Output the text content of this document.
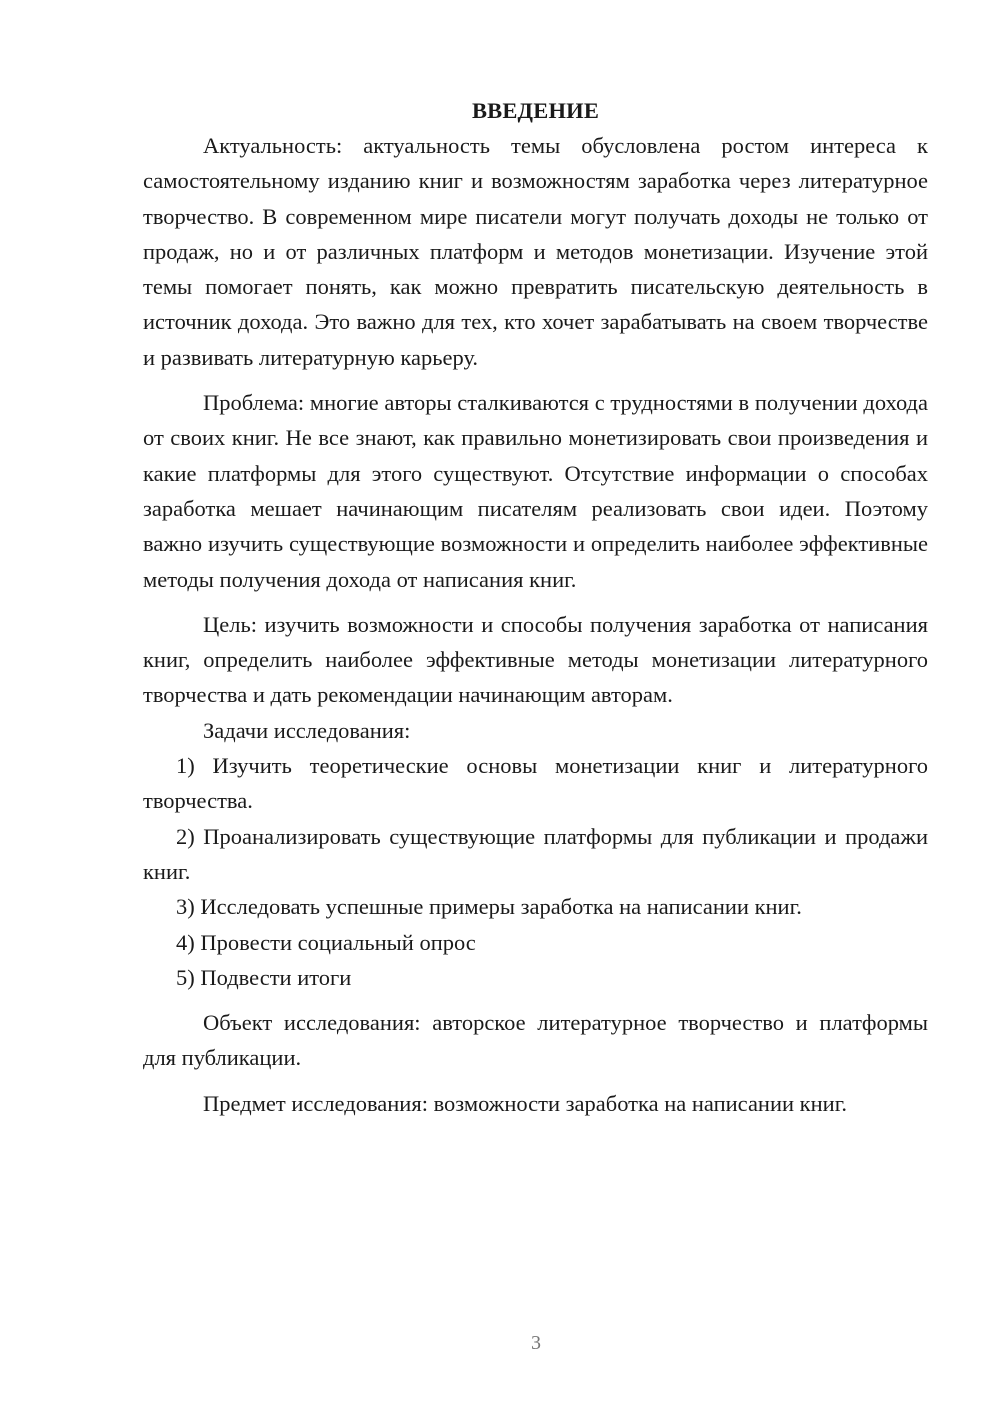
ВВЕДЕНИЕ

Актуальность: актуальность темы обусловлена ростом интереса к самостоятельному изданию книг и возможностям заработка через литературное творчество. В современном мире писатели могут получать доходы не только от продаж, но и от различных платформ и методов монетизации. Изучение этой темы помогает понять, как можно превратить писательскую деятельность в источник дохода. Это важно для тех, кто хочет зарабатывать на своем творчестве и развивать литературную карьеру.

Проблема: многие авторы сталкиваются с трудностями в получении дохода от своих книг. Не все знают, как правильно монетизировать свои произведения и какие платформы для этого существуют. Отсутствие информации о способах заработка мешает начинающим писателям реализовать свои идеи. Поэтому важно изучить существующие возможности и определить наиболее эффективные методы получения дохода от написания книг.

Цель: изучить возможности и способы получения заработка от написания книг, определить наиболее эффективные методы монетизации литературного творчества и дать рекомендации начинающим авторам.

Задачи исследования:

1) Изучить теоретические основы монетизации книг и литературного творчества.

2) Проанализировать существующие платформы для публикации и продажи книг.

3) Исследовать успешные примеры заработка на написании книг.

4) Провести социальный опрос

5) Подвести итоги

Объект исследования: авторское литературное творчество и платформы для публикации.

Предмет исследования: возможности заработка на написании книг.

3
